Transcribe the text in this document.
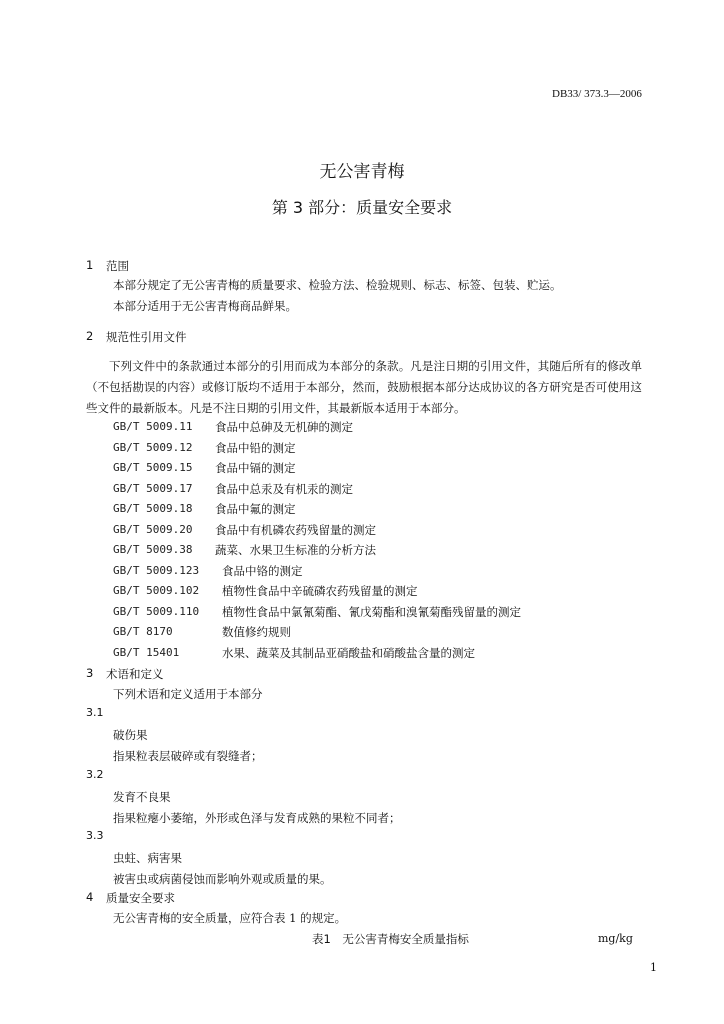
DB33/ 373.3—2006
无公害青梅
第 3 部分：质量安全要求
1 范围
本部分规定了无公害青梅的质量要求、检验方法、检验规则、标志、标签、包装、贮运。
本部分适用于无公害青梅商品鲜果。
2 规范性引用文件
下列文件中的条款通过本部分的引用而成为本部分的条款。凡是注日期的引用文件，其随后所有的修改单（不包括勘误的内容）或修订版均不适用于本部分，然而，鼓励根据本部分达成协议的各方研究是否可使用这些文件的最新版本。凡是不注日期的引用文件，其最新版本适用于本部分。
GB/T 5009.11 食品中总砷及无机砷的测定
GB/T 5009.12 食品中铅的测定
GB/T 5009.15 食品中镉的测定
GB/T 5009.17 食品中总汞及有机汞的测定
GB/T 5009.18 食品中氟的测定
GB/T 5009.20 食品中有机磷农药残留量的测定
GB/T 5009.38 蔬菜、水果卫生标准的分析方法
GB/T 5009.123 食品中铬的测定
GB/T 5009.102 植物性食品中辛硫磷农药残留量的测定
GB/T 5009.110 植物性食品中氯氰菊酯、氰戊菊酯和溴氰菊酯残留量的测定
GB/T 8170	数值修约规则
GB/T 15401	水果、蔬菜及其制品亚硝酸盐和硝酸盐含量的测定
3 术语和定义
下列术语和定义适用于本部分
3.1
破伤果
指果粒表层破碎或有裂缝者；
3.2
发育不良果
指果粒瘪小萎缩，外形或色泽与发育成熟的果粒不同者；
3.3
虫蛀、病害果
被害虫或病菌侵蚀而影响外观或质量的果。
4 质量安全要求
无公害青梅的安全质量，应符合表 1 的规定。
表1　无公害青梅安全质量指标	mg/kg
1
